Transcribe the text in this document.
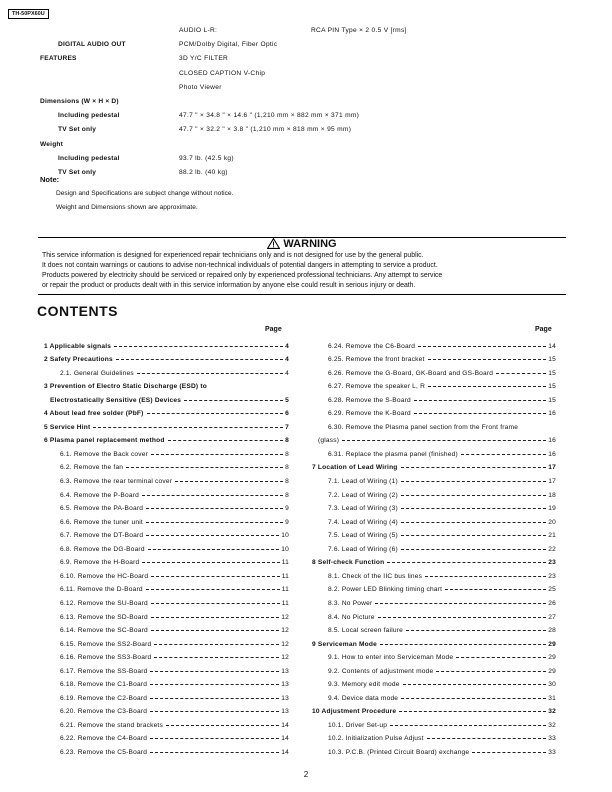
TH-50PX60U
AUDIO L-R:	RCA PIN Type × 2 0.5 V [rms]
DIGITAL AUDIO OUT	PCM/Dolby Digital, Fiber Optic
FEATURES	3D Y/C FILTER
CLOSED CAPTION V-Chip
Photo Viewer
Dimensions (W × H × D)
Including pedestal	47.7 " × 34.8 " × 14.6 " (1,210 mm × 882 mm × 371 mm)
TV Set only	47.7 " × 32.2 " × 3.8 " (1,210 mm × 818 mm × 95 mm)
Weight
Including pedestal	93.7 lb. (42.5 kg)
TV Set only	88.2 lb. (40 kg)
Note:
Design and Specifications are subject change without notice.
Weight and Dimensions shown are approximate.
WARNING
This service information is designed for experienced repair technicians only and is not designed for use by the general public.
It does not contain warnings or cautions to advise non-technical individuals of potential dangers in attempting to service a product.
Products powered by electricity should be serviced or repaired only by experienced professional technicians. Any attempt to service
or repair the product or products dealt with in this service information by anyone else could result in serious injury or death.
CONTENTS
Page	Page
1 Applicable signals	4
2 Safety Precautions	4
2.1. General Guidelines	4
3 Prevention of Electro Static Discharge (ESD) to
Electrostatically Sensitive (ES) Devices	5
4 About lead free solder (PbF)	6
5 Service Hint	7
6 Plasma panel replacement method	8
6.1. Remove the Back cover	8
6.2. Remove the fan	8
6.3. Remove the rear terminal cover	8
6.4. Remove the P-Board	8
6.5. Remove the PA-Board	9
6.6. Remove the tuner unit	9
6.7. Remove the DT-Board	10
6.8. Remove the DG-Board	10
6.9. Remove the H-Board	11
6.10. Remove the HC-Board	11
6.11. Remove the D-Board	11
6.12. Remove the SU-Board	11
6.13. Remove the SD-Board	12
6.14. Remove the SC-Board	12
6.15. Remove the SS2-Board	12
6.16. Remove the SS3-Board	12
6.17. Remove the SS-Board	13
6.18. Remove the C1-Board	13
6.19. Remove the C2-Board	13
6.20. Remove the C3-Board	13
6.21. Remove the stand brackets	14
6.22. Remove the C4-Board	14
6.23. Remove the C5-Board	14
6.24. Remove the C6-Board	14
6.25. Remove the front bracket	15
6.26. Remove the G-Board, GK-Board and GS-Board	15
6.27. Remove the speaker L, R	15
6.28. Remove the S-Board	15
6.29. Remove the K-Board	16
6.30. Remove the Plasma panel section from the Front frame
(glass)	16
6.31. Replace the plasma panel (finished)	16
7 Location of Lead Wiring	17
7.1. Lead of Wiring (1)	17
7.2. Lead of Wiring (2)	18
7.3. Lead of Wiring (3)	19
7.4. Lead of Wiring (4)	20
7.5. Lead of Wiring (5)	21
7.6. Lead of Wiring (6)	22
8 Self-check Function	23
8.1. Check of the IIC bus lines	23
8.2. Power LED Blinking timing chart	25
8.3. No Power	26
8.4. No Picture	27
8.5. Local screen failure	28
9 Serviceman Mode	29
9.1. How to enter into Serviceman Mode	29
9.2. Contents of adjustment mode	29
9.3. Memory edit mode	30
9.4. Device data mode	31
10 Adjustment Procedure	32
10.1. Driver Set-up	32
10.2. Initialization Pulse Adjust	33
10.3. P.C.B. (Printed Circuit Board) exchange	33
2
